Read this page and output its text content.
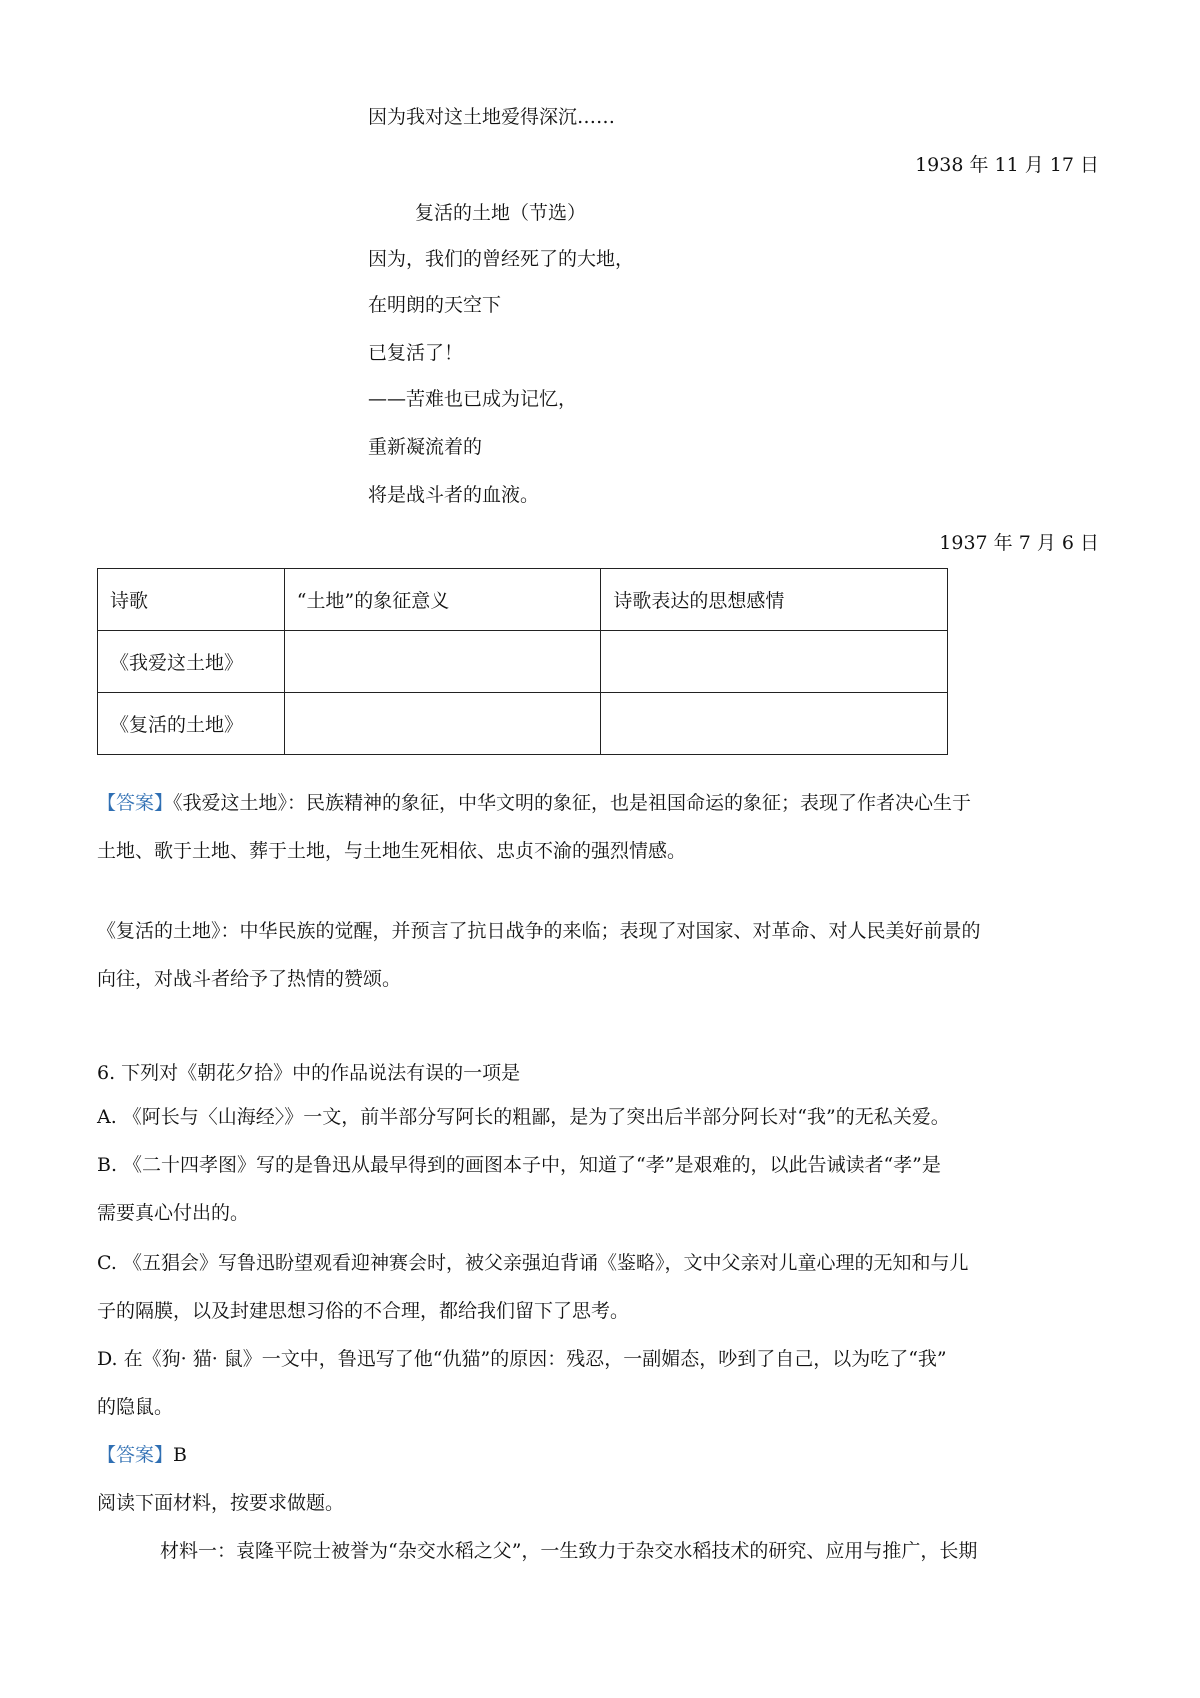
因为我对这土地爱得深沉……
1938 年 11 月 17 日
复活的土地（节选）
因为，我们的曾经死了的大地，
在明朗的天空下
已复活了！
——苦难也已成为记忆，
重新凝流着的
将是战斗者的血液。
1937 年 7 月 6 日
诗歌	“土地”的象征意义	诗歌表达的思想感情
《我爱这土地》		
《复活的土地》		
【答案】《我爱这土地》：民族精神的象征，中华文明的象征，也是祖国命运的象征；表现了作者决心生于
土地、歌于土地、葬于土地，与土地生死相依、忠贞不渝的强烈情感。
《复活的土地》：中华民族的觉醒，并预言了抗日战争的来临；表现了对国家、对革命、对人民美好前景的
向往，对战斗者给予了热情的赞颂。
6. 下列对《朝花夕拾》中的作品说法有误的一项是
A. 《阿长与〈山海经〉》一文，前半部分写阿长的粗鄙，是为了突出后半部分阿长对“我”的无私关爱。
B. 《二十四孝图》写的是鲁迅从最早得到的画图本子中，知道了“孝”是艰难的，以此告诫读者“孝”是
需要真心付出的。
C. 《五猖会》写鲁迅盼望观看迎神赛会时，被父亲强迫背诵《鉴略》，文中父亲对儿童心理的无知和与儿
子的隔膜，以及封建思想习俗的不合理，都给我们留下了思考。
D. 在《狗· 猫· 鼠》一文中，鲁迅写了他“仇猫”的原因：残忍，一副媚态，吵到了自己，以为吃了“我”
的隐鼠。
【答案】B
阅读下面材料，按要求做题。
材料一：袁隆平院士被誉为“杂交水稻之父”，一生致力于杂交水稻技术的研究、应用与推广，长期
